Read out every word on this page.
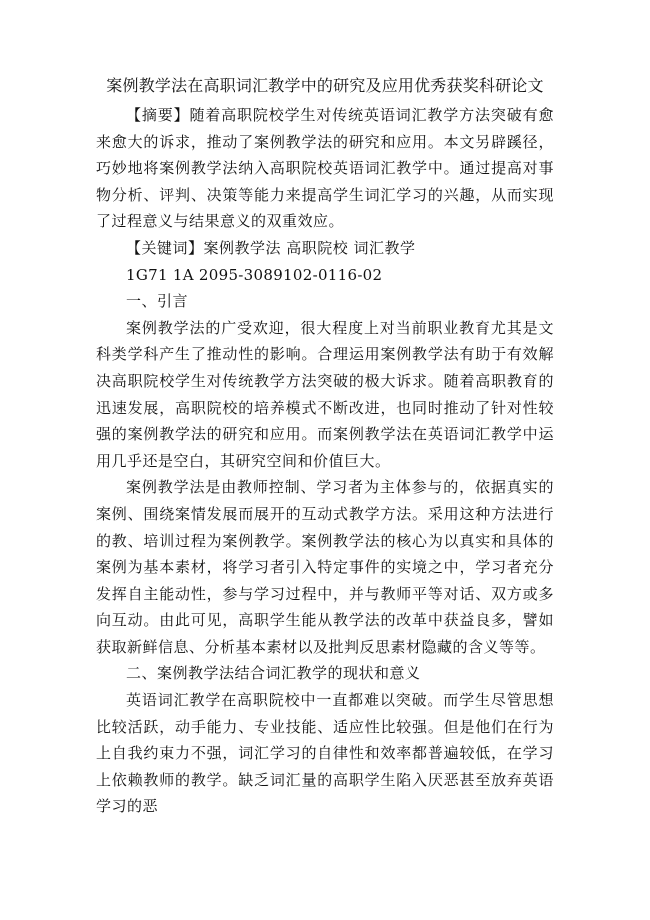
案例教学法在高职词汇教学中的研究及应用优秀获奖科研论文

【摘要】随着高职院校学生对传统英语词汇教学方法突破有愈来愈大的诉求，推动了案例教学法的研究和应用。本文另辟蹊径，巧妙地将案例教学法纳入高职院校英语词汇教学中。通过提高对事物分析、评判、决策等能力来提高学生词汇学习的兴趣，从而实现了过程意义与结果意义的双重效应。

【关键词】案例教学法 高职院校 词汇教学

1G71 1A 2095-3089102-0116-02

一、引言

案例教学法的广受欢迎，很大程度上对当前职业教育尤其是文科类学科产生了推动性的影响。合理运用案例教学法有助于有效解决高职院校学生对传统教学方法突破的极大诉求。随着高职教育的迅速发展，高职院校的培养模式不断改进，也同时推动了针对性较强的案例教学法的研究和应用。而案例教学法在英语词汇教学中运用几乎还是空白，其研究空间和价值巨大。

案例教学法是由教师控制、学习者为主体参与的，依据真实的案例、围绕案情发展而展开的互动式教学方法。采用这种方法进行的教、培训过程为案例教学。案例教学法的核心为以真实和具体的案例为基本素材，将学习者引入特定事件的实境之中，学习者充分发挥自主能动性，参与学习过程中，并与教师平等对话、双方或多向互动。由此可见，高职学生能从教学法的改革中获益良多，譬如获取新鲜信息、分析基本素材以及批判反思素材隐藏的含义等等。

二、案例教学法结合词汇教学的现状和意义

英语词汇教学在高职院校中一直都难以突破。而学生尽管思想比较活跃，动手能力、专业技能、适应性比较强。但是他们在行为上自我约束力不强，词汇学习的自律性和效率都普遍较低，在学习上依赖教师的教学。缺乏词汇量的高职学生陷入厌恶甚至放弃英语学习的恶
